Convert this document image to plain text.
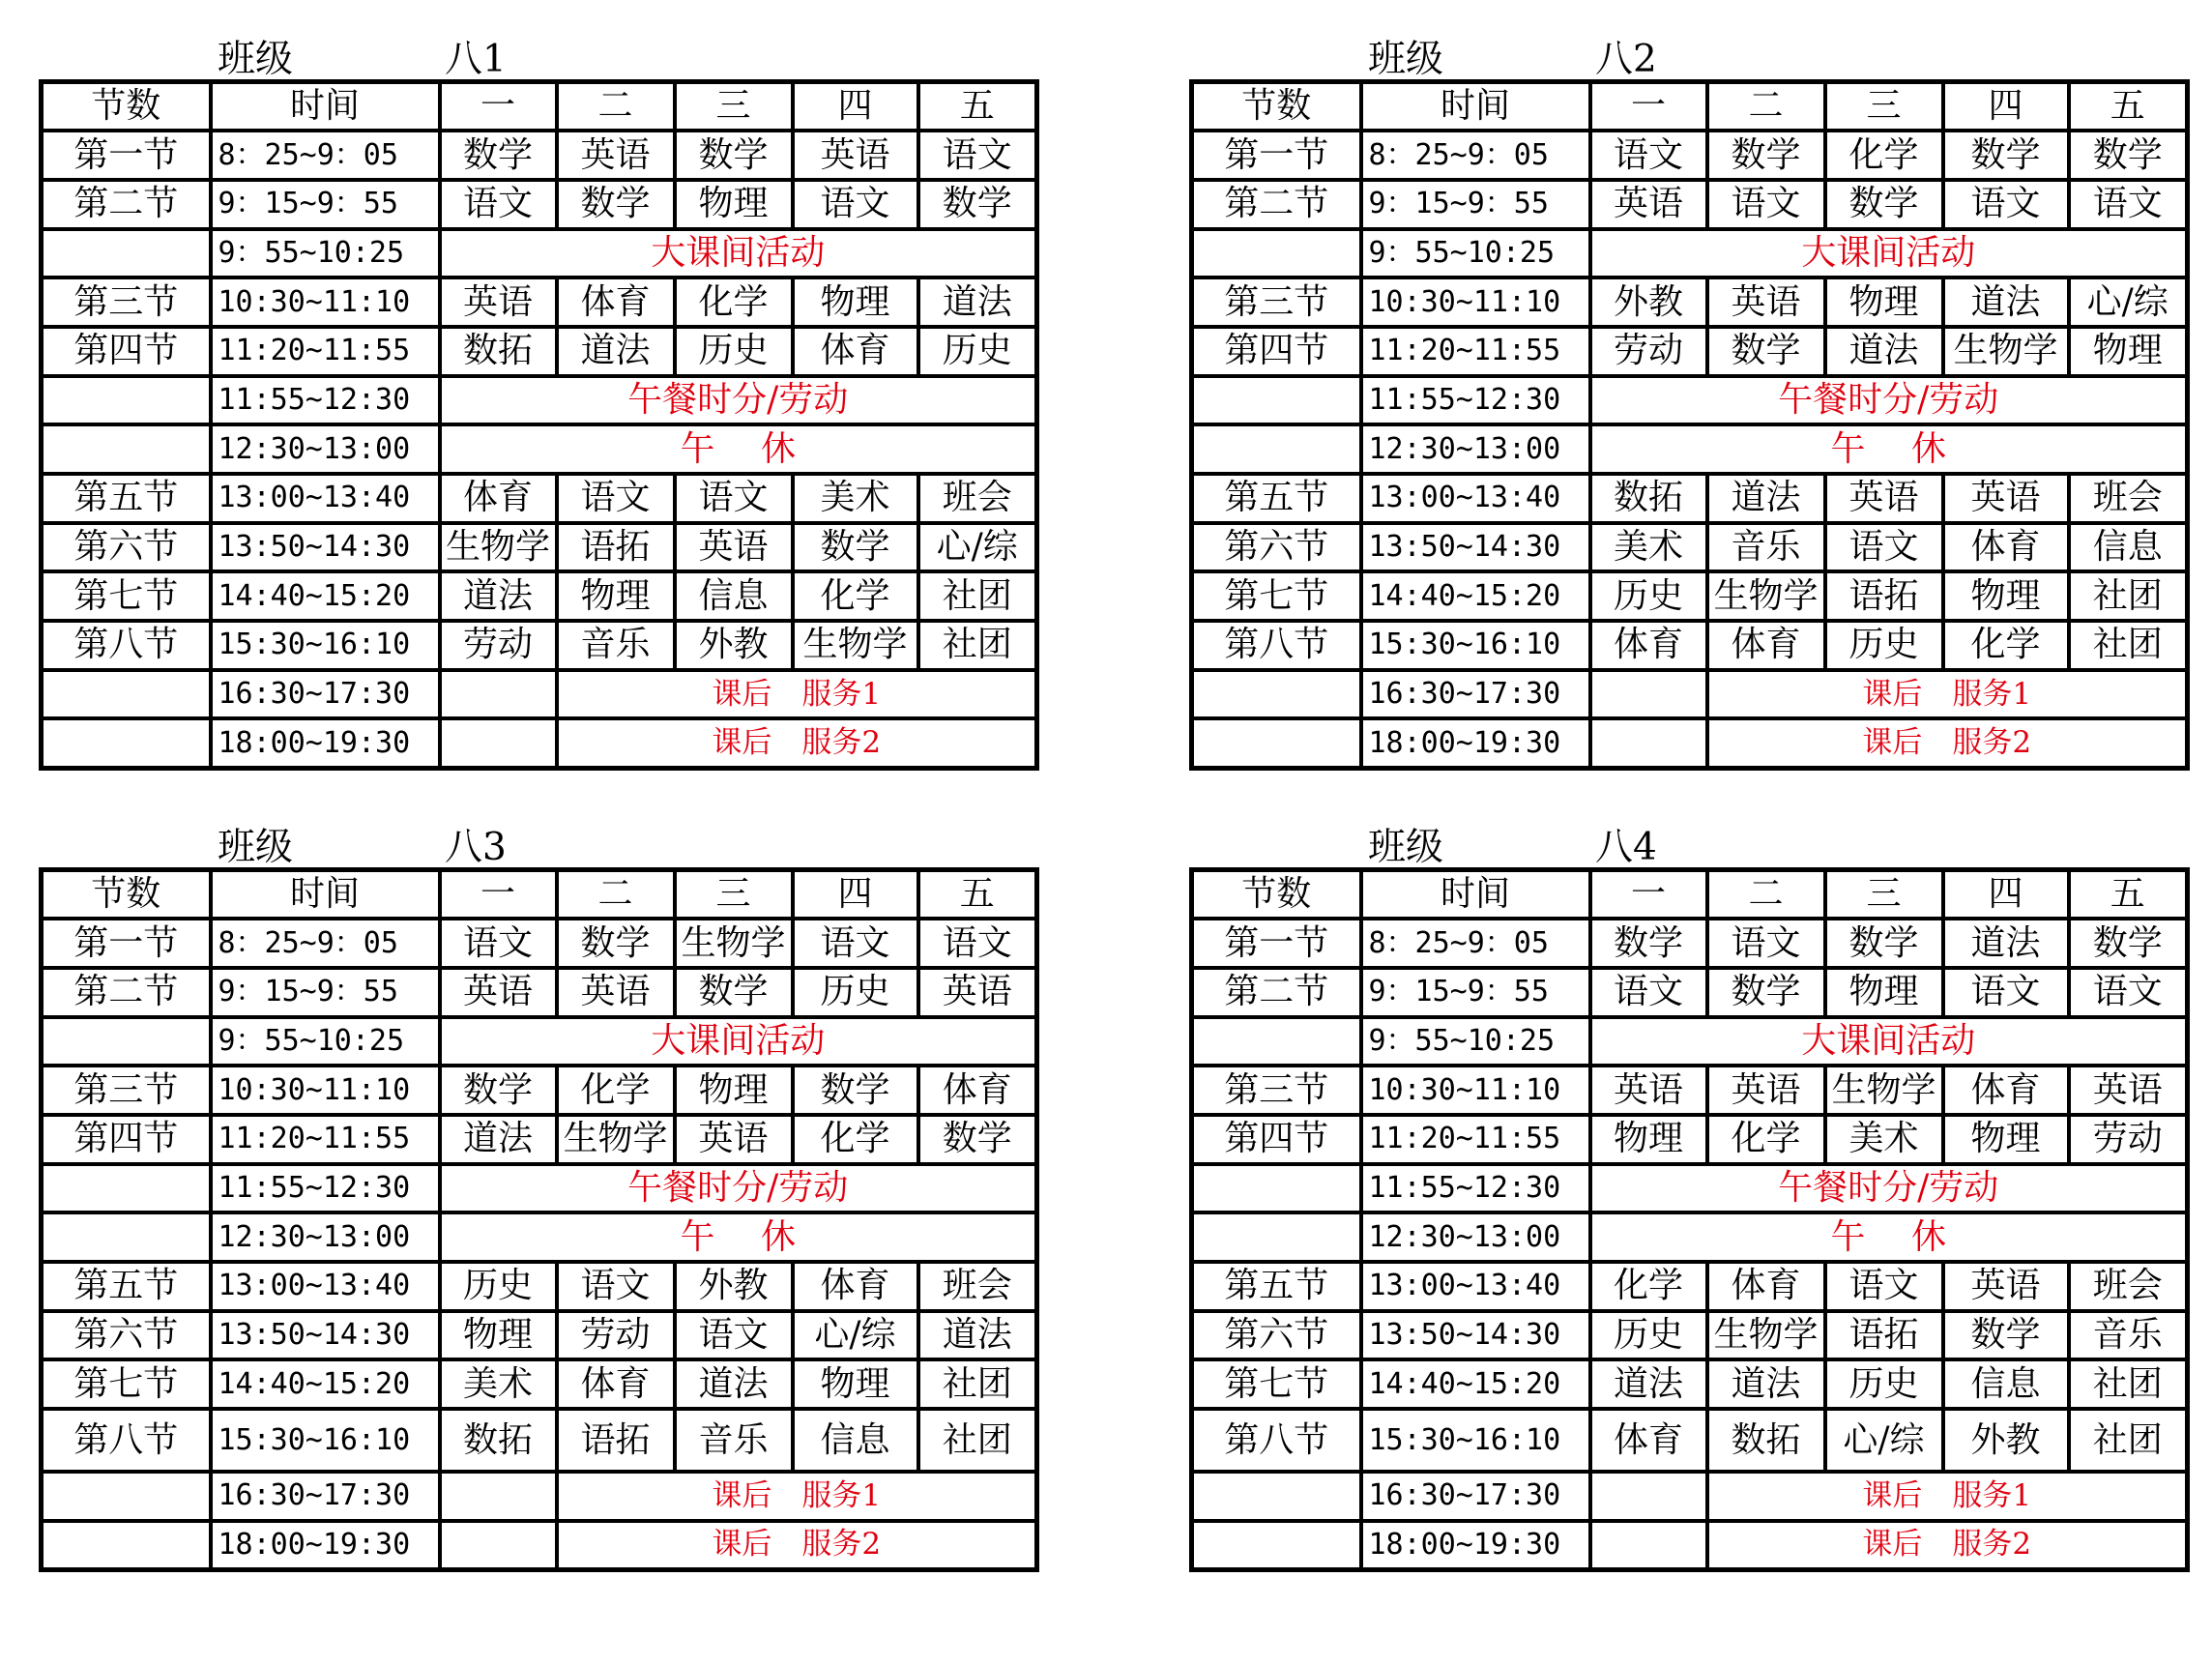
班级	八1
节数	时间	一	二	三	四	五
第一节	8：25~9：05	数学	英语	数学	英语	语文
第二节	9：15~9：55	语文	数学	物理	语文	数学
	9：55~10:25	大课间活动				
第三节	10:30~11:10	英语	体育	化学	物理	道法
第四节	11:20~11:55	数拓	道法	历史	体育	历史
	11:55~12:30	午餐时分/劳动				
	12:30~13:00	午　 休				
第五节	13:00~13:40	体育	语文	语文	美术	班会
第六节	13:50~14:30	生物学	语拓	英语	数学	心/综
第七节	14:40~15:20	道法	物理	信息	化学	社团
第八节	15:30~16:10	劳动	音乐	外教	生物学	社团
	16:30~17:30		课后　服务1			
	18:00~19:30		课后　服务2			
班级	八2
节数	时间	一	二	三	四	五
第一节	8：25~9：05	语文	数学	化学	数学	数学
第二节	9：15~9：55	英语	语文	数学	语文	语文
	9：55~10:25	大课间活动				
第三节	10:30~11:10	外教	英语	物理	道法	心/综
第四节	11:20~11:55	劳动	数学	道法	生物学	物理
	11:55~12:30	午餐时分/劳动				
	12:30~13:00	午　 休				
第五节	13:00~13:40	数拓	道法	英语	英语	班会
第六节	13:50~14:30	美术	音乐	语文	体育	信息
第七节	14:40~15:20	历史	生物学	语拓	物理	社团
第八节	15:30~16:10	体育	体育	历史	化学	社团
	16:30~17:30		课后　服务1			
	18:00~19:30		课后　服务2			
班级	八3
节数	时间	一	二	三	四	五
第一节	8：25~9：05	语文	数学	生物学	语文	语文
第二节	9：15~9：55	英语	英语	数学	历史	英语
	9：55~10:25	大课间活动				
第三节	10:30~11:10	数学	化学	物理	数学	体育
第四节	11:20~11:55	道法	生物学	英语	化学	数学
	11:55~12:30	午餐时分/劳动				
	12:30~13:00	午　 休				
第五节	13:00~13:40	历史	语文	外教	体育	班会
第六节	13:50~14:30	物理	劳动	语文	心/综	道法
第七节	14:40~15:20	美术	体育	道法	物理	社团
第八节	15:30~16:10	数拓	语拓	音乐	信息	社团
	16:30~17:30		课后　服务1			
	18:00~19:30		课后　服务2			
班级	八4
节数	时间	一	二	三	四	五
第一节	8：25~9：05	数学	语文	数学	道法	数学
第二节	9：15~9：55	语文	数学	物理	语文	语文
	9：55~10:25	大课间活动				
第三节	10:30~11:10	英语	英语	生物学	体育	英语
第四节	11:20~11:55	物理	化学	美术	物理	劳动
	11:55~12:30	午餐时分/劳动				
	12:30~13:00	午　 休				
第五节	13:00~13:40	化学	体育	语文	英语	班会
第六节	13:50~14:30	历史	生物学	语拓	数学	音乐
第七节	14:40~15:20	道法	道法	历史	信息	社团
第八节	15:30~16:10	体育	数拓	心/综	外教	社团
	16:30~17:30		课后　服务1			
	18:00~19:30		课后　服务2			
